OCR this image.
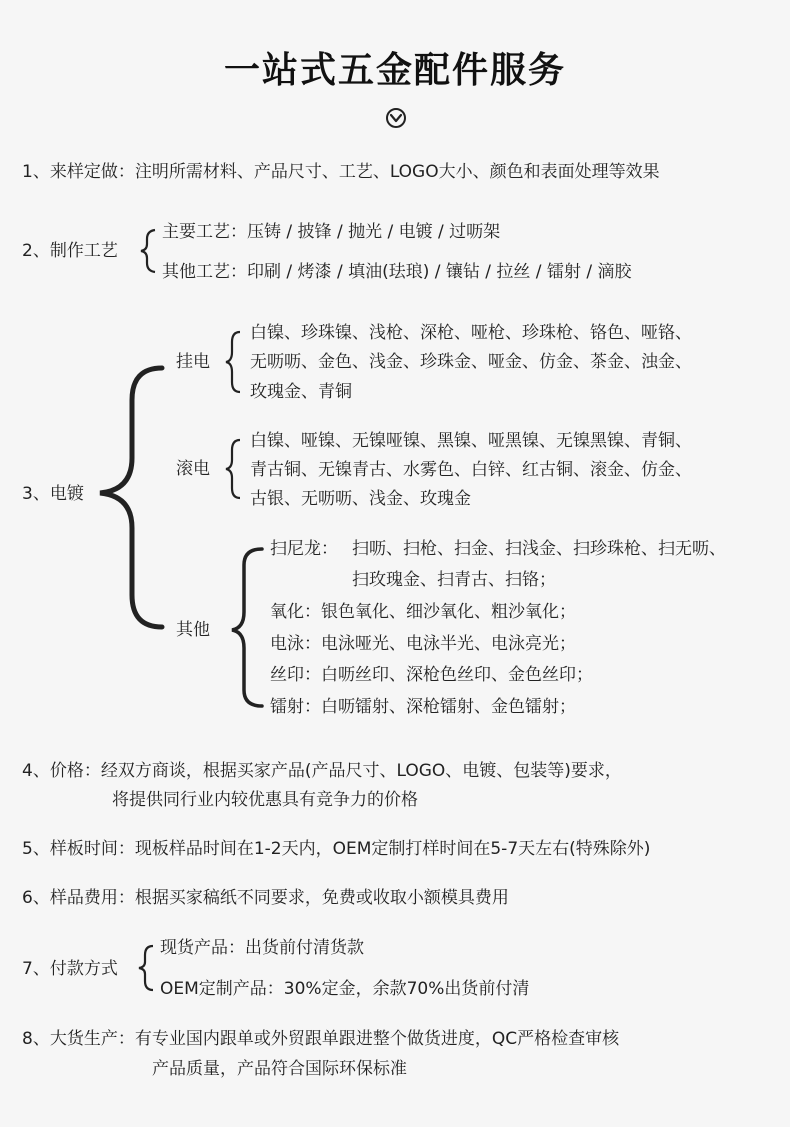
一站式五金配件服务
1、来样定做：注明所需材料、产品尺寸、工艺、LOGO大小、颜色和表面处理等效果
2、制作工艺
主要工艺：压铸 / 披锋 / 抛光 / 电镀 / 过呖架
其他工艺：印刷 / 烤漆 / 填油(珐琅) / 镶钻 / 拉丝 / 镭射 / 滴胶
3、电镀
挂电
白镍、珍珠镍、浅枪、深枪、哑枪、珍珠枪、铬色、哑铬、
无呖呖、金色、浅金、珍珠金、哑金、仿金、茶金、浊金、
玫瑰金、青铜
滚电
白镍、哑镍、无镍哑镍、黑镍、哑黑镍、无镍黑镍、青铜、
青古铜、无镍青古、水雾色、白锌、红古铜、滚金、仿金、
古银、无呖呖、浅金、玫瑰金
其他
扫尼龙： 扫呖、扫枪、扫金、扫浅金、扫珍珠枪、扫无呖、
扫玫瑰金、扫青古、扫铬；
氧化：银色氧化、细沙氧化、粗沙氧化；
电泳：电泳哑光、电泳半光、电泳亮光；
丝印：白呖丝印、深枪色丝印、金色丝印；
镭射：白呖镭射、深枪镭射、金色镭射；
4、价格：经双方商谈，根据买家产品(产品尺寸、LOGO、电镀、包装等)要求，
将提供同行业内较优惠具有竞争力的价格
5、样板时间：现板样品时间在1-2天内，OEM定制打样时间在5-7天左右(特殊除外)
6、样品费用：根据买家稿纸不同要求，免费或收取小额模具费用
7、付款方式
现货产品：出货前付清货款
OEM定制产品：30%定金，余款70%出货前付清
8、大货生产：有专业国内跟单或外贸跟单跟进整个做货进度，QC严格检查审核
产品质量，产品符合国际环保标准
